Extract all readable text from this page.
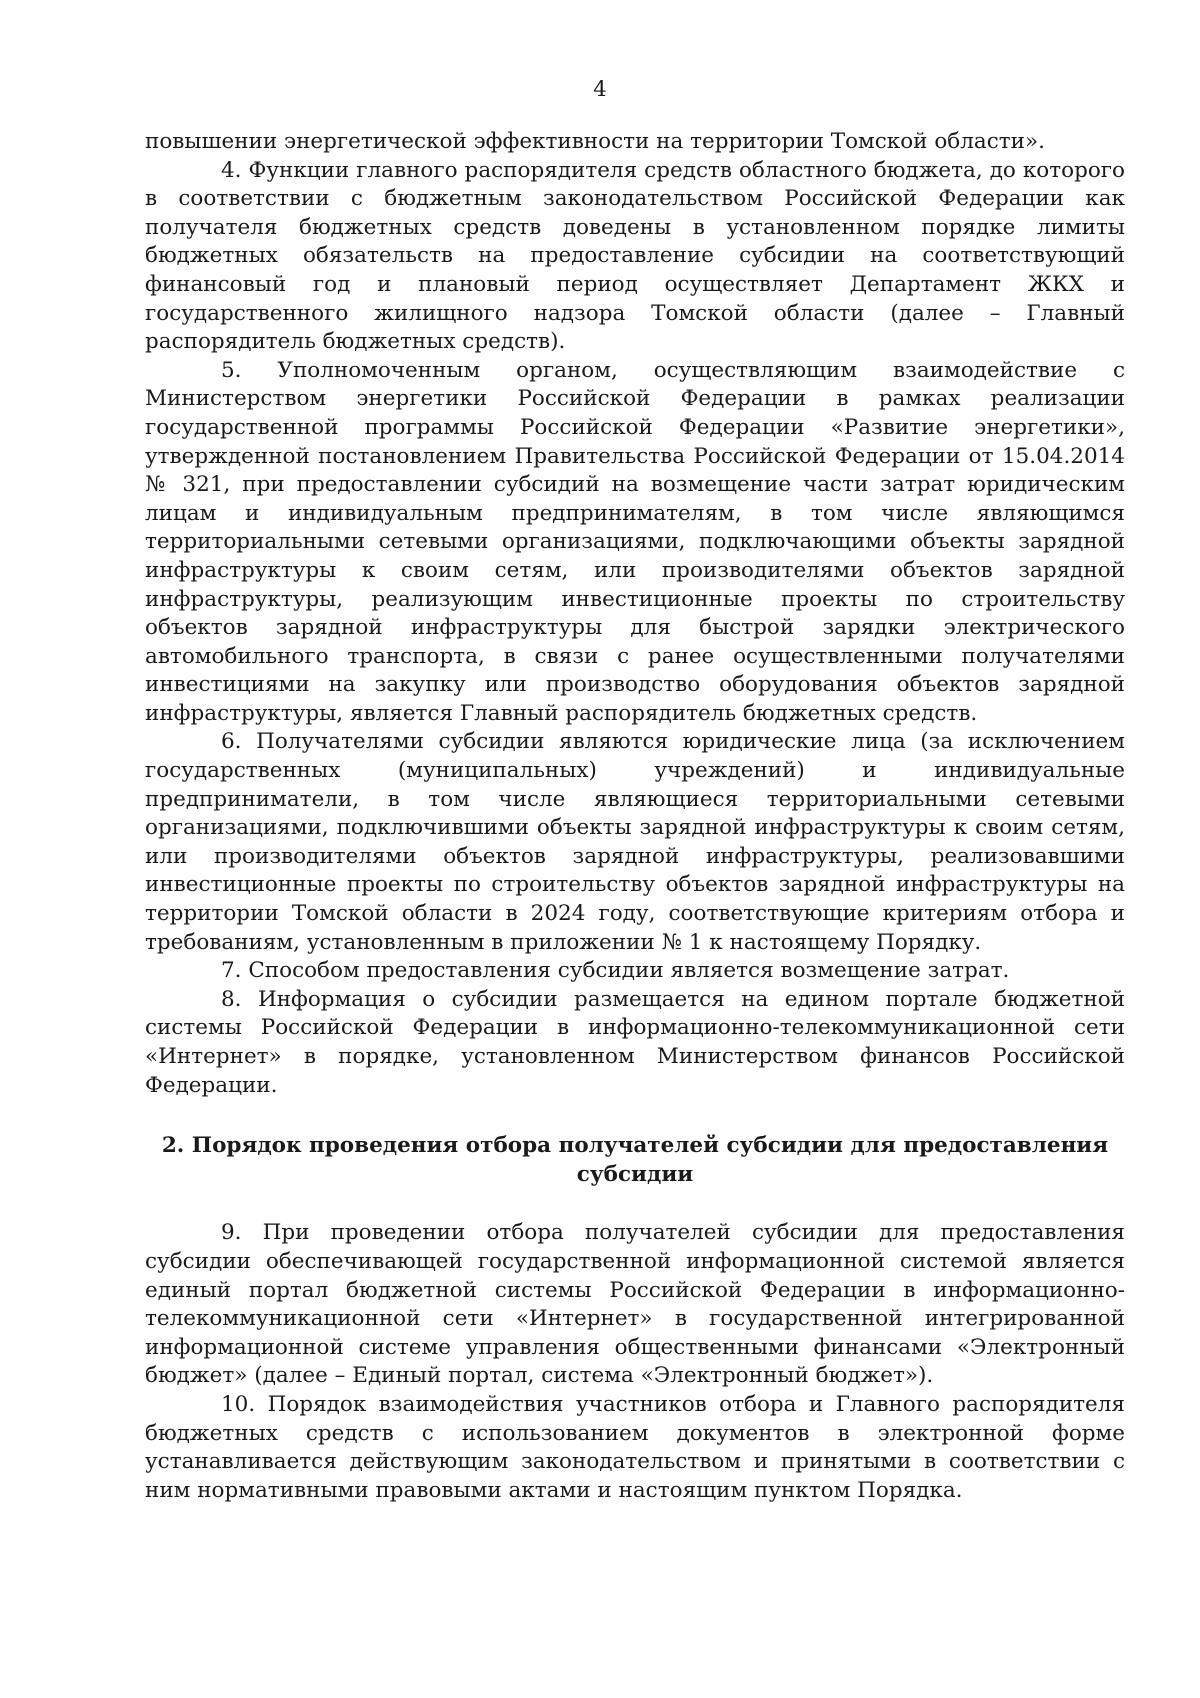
4

повышении энергетической эффективности на территории Томской области».

4. Функции главного распорядителя средств областного бюджета, до которого в соответствии с бюджетным законодательством Российской Федерации как получателя бюджетных средств доведены в установленном порядке лимиты бюджетных обязательств на предоставление субсидии на соответствующий финансовый год и плановый период осуществляет Департамент ЖКХ и государственного жилищного надзора Томской области (далее – Главный распорядитель бюджетных средств).

5. Уполномоченным органом, осуществляющим взаимодействие с Министерством энергетики Российской Федерации в рамках реализации государственной программы Российской Федерации «Развитие энергетики», утвержденной постановлением Правительства Российской Федерации от 15.04.2014 № 321, при предоставлении субсидий на возмещение части затрат юридическим лицам и индивидуальным предпринимателям, в том числе являющимся территориальными сетевыми организациями, подключающими объекты зарядной инфраструктуры к своим сетям, или производителями объектов зарядной инфраструктуры, реализующим инвестиционные проекты по строительству объектов зарядной инфраструктуры для быстрой зарядки электрического автомобильного транспорта, в связи с ранее осуществленными получателями инвестициями на закупку или производство оборудования объектов зарядной инфраструктуры, является Главный распорядитель бюджетных средств.

6. Получателями субсидии являются юридические лица (за исключением государственных (муниципальных) учреждений) и индивидуальные предприниматели, в том числе являющиеся территориальными сетевыми организациями, подключившими объекты зарядной инфраструктуры к своим сетям, или производителями объектов зарядной инфраструктуры, реализовавшими инвестиционные проекты по строительству объектов зарядной инфраструктуры на территории Томской области в 2024 году, соответствующие критериям отбора и требованиям, установленным в приложении № 1 к настоящему Порядку.

7. Способом предоставления субсидии является возмещение затрат.

8. Информация о субсидии размещается на едином портале бюджетной системы Российской Федерации в информационно-телекоммуникационной сети «Интернет» в порядке, установленном Министерством финансов Российской Федерации.

2. Порядок проведения отбора получателей субсидии для предоставления субсидии

9. При проведении отбора получателей субсидии для предоставления субсидии обеспечивающей государственной информационной системой является единый портал бюджетной системы Российской Федерации в информационно-телекоммуникационной сети «Интернет» в государственной интегрированной информационной системе управления общественными финансами «Электронный бюджет» (далее – Единый портал, система «Электронный бюджет»).

10. Порядок взаимодействия участников отбора и Главного распорядителя бюджетных средств с использованием документов в электронной форме устанавливается действующим законодательством и принятыми в соответствии с ним нормативными правовыми актами и настоящим пунктом Порядка.
